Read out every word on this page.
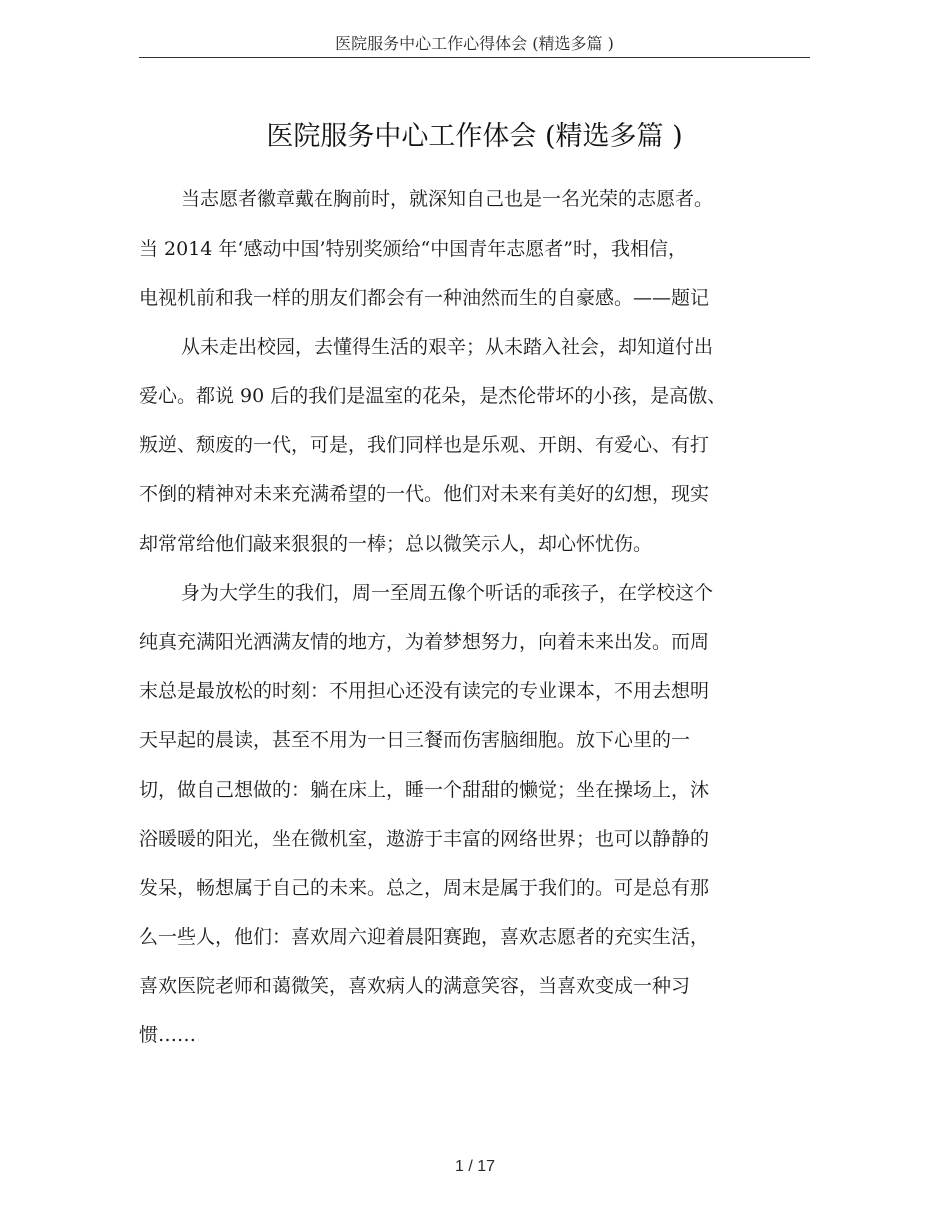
医院服务中心工作心得体会 (精选多篇 )
医院服务中心工作体会 (精选多篇 )
当志愿者徽章戴在胸前时，就深知自己也是一名光荣的志愿者。
当 2014 年‘感动中国’特别奖颁给“中国青年志愿者”时，我相信，
电视机前和我一样的朋友们都会有一种油然而生的自豪感。——题记
从未走出校园，去懂得生活的艰辛；从未踏入社会，却知道付出
爱心。都说 90 后的我们是温室的花朵，是杰伦带坏的小孩，是高傲、
叛逆、颓废的一代，可是，我们同样也是乐观、开朗、有爱心、有打
不倒的精神对未来充满希望的一代。他们对未来有美好的幻想，现实
却常常给他们敲来狠狠的一棒；总以微笑示人，却心怀忧伤。
身为大学生的我们，周一至周五像个听话的乖孩子，在学校这个
纯真充满阳光洒满友情的地方，为着梦想努力，向着未来出发。而周
末总是最放松的时刻：不用担心还没有读完的专业课本，不用去想明
天早起的晨读，甚至不用为一日三餐而伤害脑细胞。放下心里的一
切，做自己想做的：躺在床上，睡一个甜甜的懒觉；坐在操场上，沐
浴暖暖的阳光，坐在微机室，遨游于丰富的网络世界；也可以静静的
发呆，畅想属于自己的未来。总之，周末是属于我们的。可是总有那
么一些人，他们：喜欢周六迎着晨阳赛跑，喜欢志愿者的充实生活，
喜欢医院老师和蔼微笑，喜欢病人的满意笑容，当喜欢变成一种习
惯……
1 / 17
